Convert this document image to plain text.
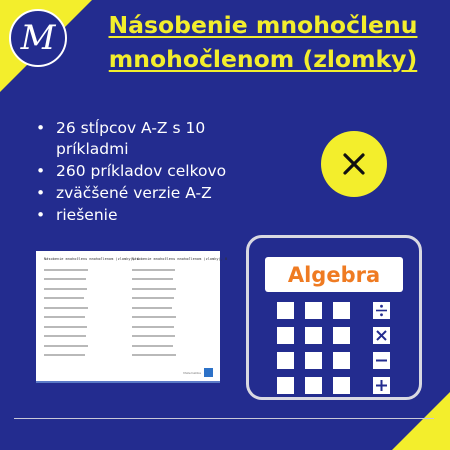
M	Násobenie mnohočlenu
mnohočlenom (zlomky)
• 26 stĺpcov A-Z s 10
príkladmi
• 260 príkladov celkovo
• zväčšené verzie A-Z
• riešenie
Násobenie mnohočlenu mnohočlenom (zlomky), A
Násobenie mnohočlenu mnohočlenom (zlomky), B
Matematika
Algebra
